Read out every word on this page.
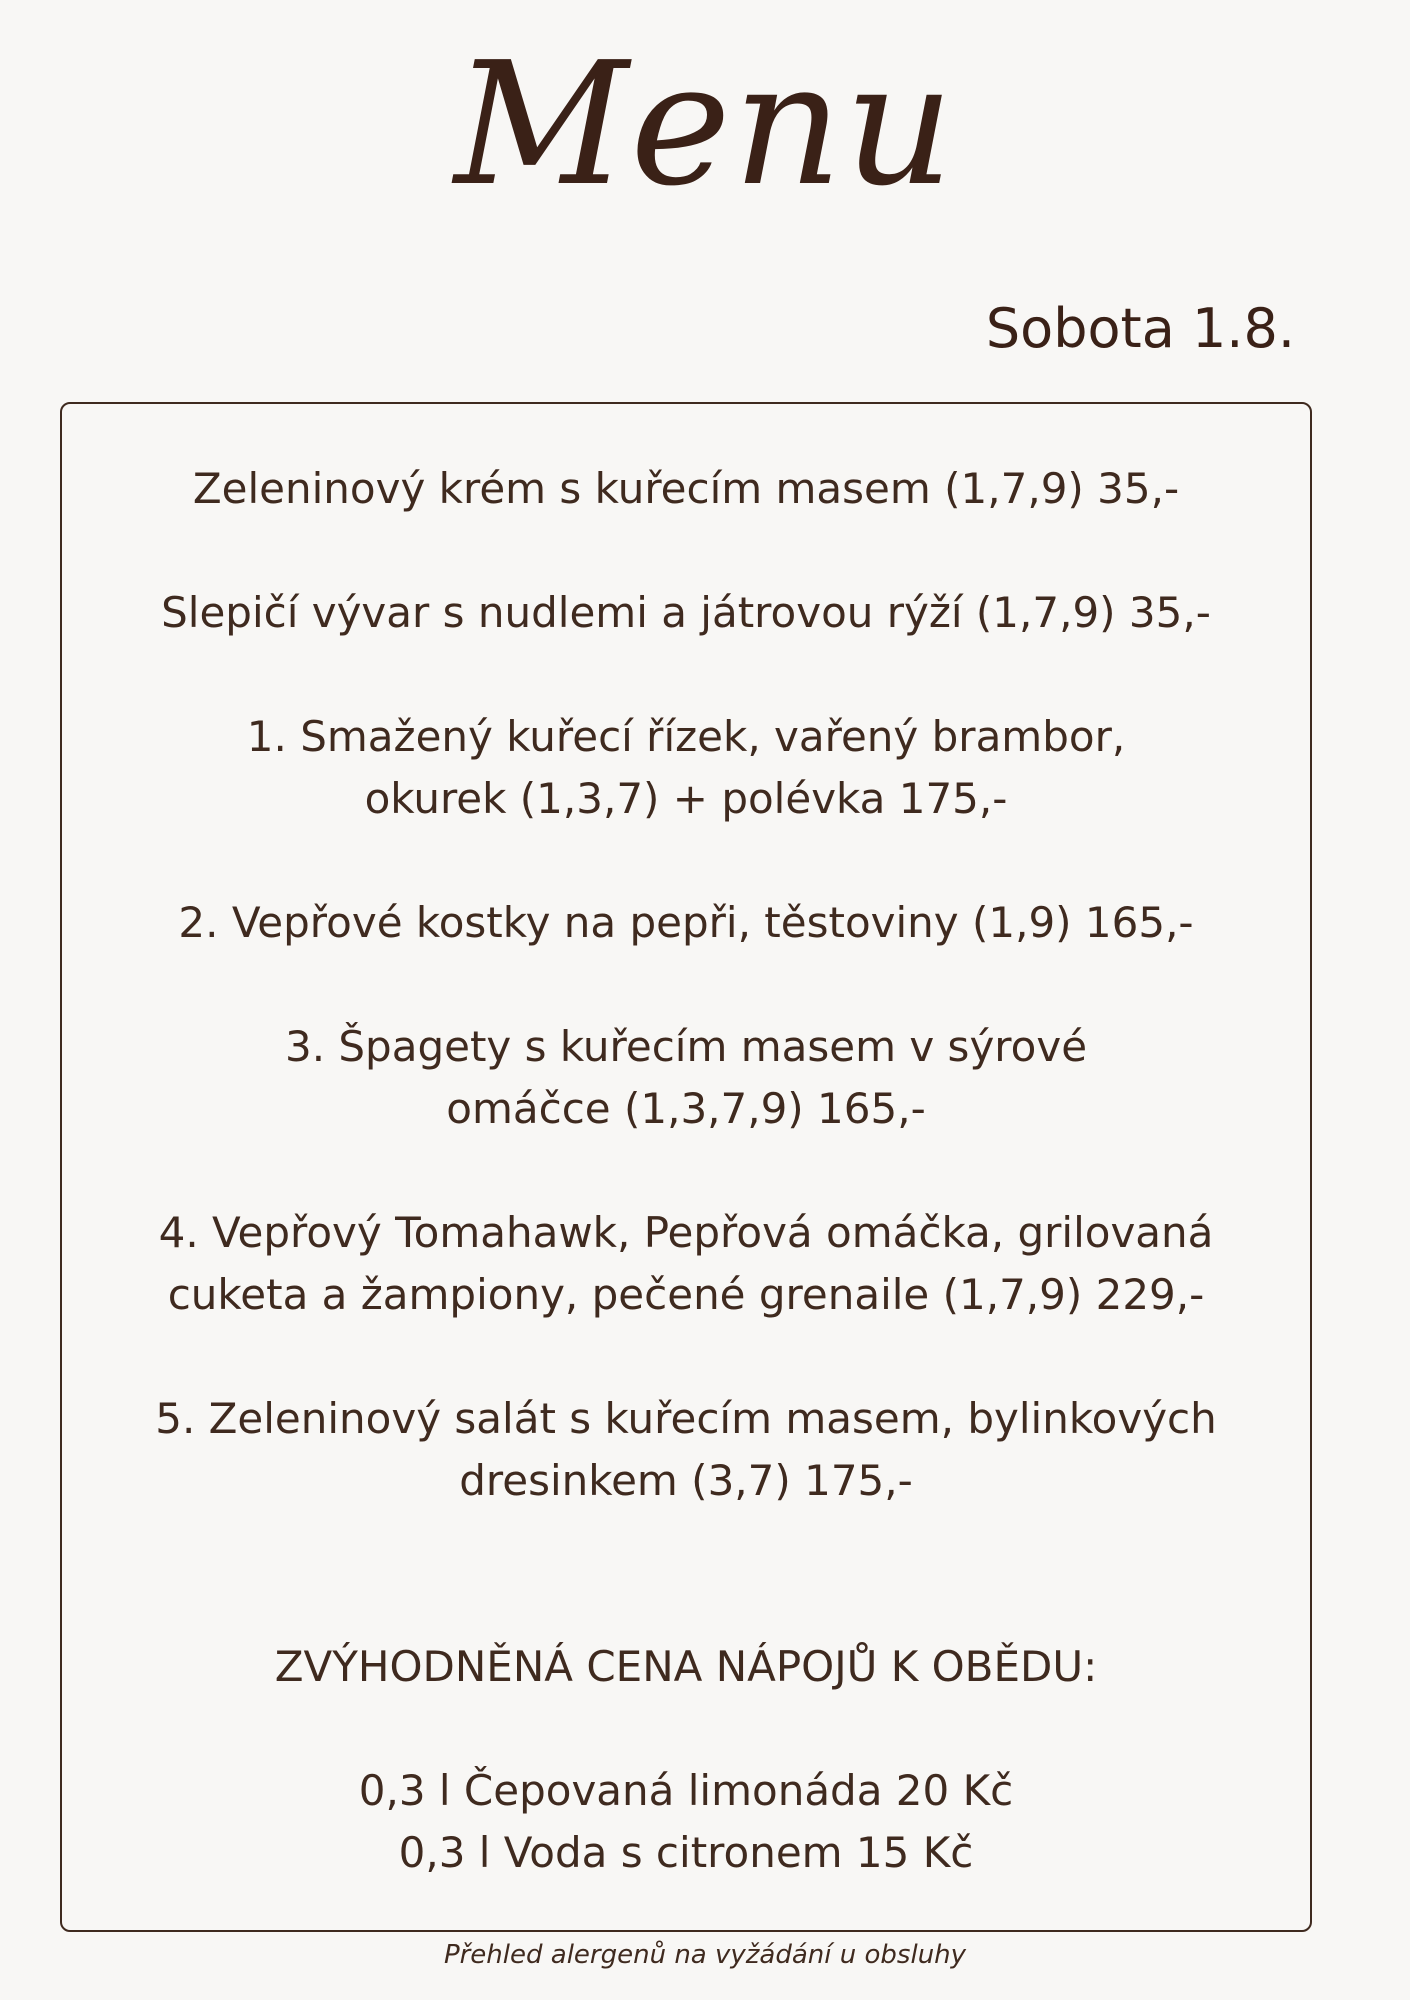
Menu
Sobota 1.8.
Zeleninový krém s kuřecím masem (1,7,9) 35,-
Slepičí vývar s nudlemi a játrovou rýží (1,7,9) 35,-
1. Smažený kuřecí řízek, vařený brambor,
okurek (1,3,7) + polévka 175,-
2. Vepřové kostky na pepři, těstoviny (1,9) 165,-
3. Špagety s kuřecím masem v sýrové
omáčce (1,3,7,9) 165,-
4. Vepřový Tomahawk, Pepřová omáčka, grilovaná
cuketa a žampiony, pečené grenaile (1,7,9) 229,-
5. Zeleninový salát s kuřecím masem, bylinkových
dresinkem (3,7) 175,-
ZVÝHODNĚNÁ CENA NÁPOJŮ K OBĚDU:
0,3 l Čepovaná limonáda 20 Kč
0,3 l Voda s citronem 15 Kč
Přehled alergenů na vyžádání u obsluhy
